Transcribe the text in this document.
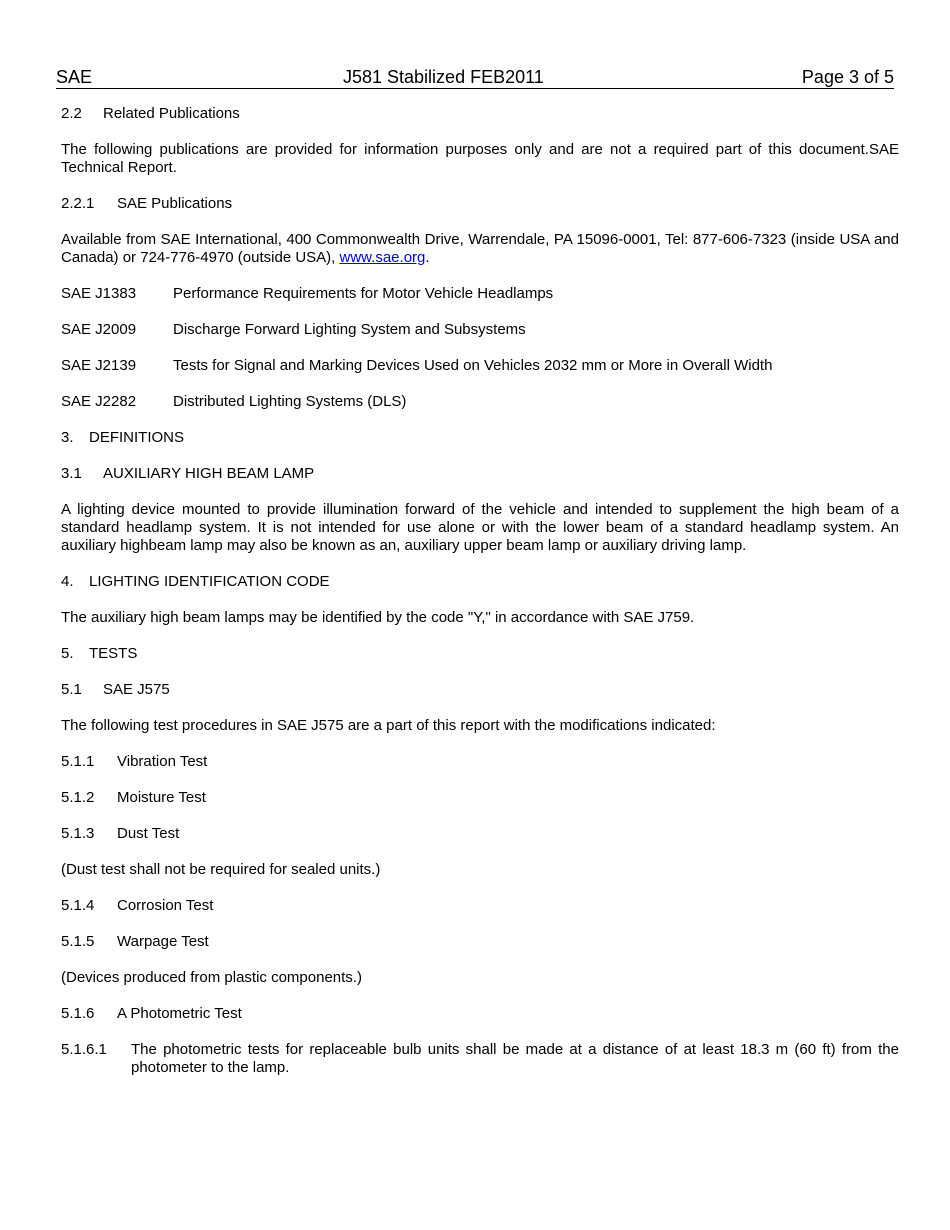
SAE	J581 Stabilized FEB2011	Page 3 of 5

2.2 Related Publications

The following publications are provided for information purposes only and are not a required part of this document.SAE Technical Report.

2.2.1 SAE Publications

Available from SAE International, 400 Commonwealth Drive, Warrendale, PA 15096-0001, Tel: 877-606-7323 (inside USA and Canada) or 724-776-4970 (outside USA), www.sae.org.

SAE J1383 Performance Requirements for Motor Vehicle Headlamps

SAE J2009 Discharge Forward Lighting System and Subsystems

SAE J2139 Tests for Signal and Marking Devices Used on Vehicles 2032 mm or More in Overall Width

SAE J2282 Distributed Lighting Systems (DLS)

3. DEFINITIONS

3.1 AUXILIARY HIGH BEAM LAMP

A lighting device mounted to provide illumination forward of the vehicle and intended to supplement the high beam of a standard headlamp system. It is not intended for use alone or with the lower beam of a standard headlamp system. An auxiliary highbeam lamp may also be known as an, auxiliary upper beam lamp or auxiliary driving lamp.

4. LIGHTING IDENTIFICATION CODE

The auxiliary high beam lamps may be identified by the code "Y," in accordance with SAE J759.

5. TESTS

5.1 SAE J575

The following test procedures in SAE J575 are a part of this report with the modifications indicated:

5.1.1 Vibration Test

5.1.2 Moisture Test

5.1.3 Dust Test

(Dust test shall not be required for sealed units.)

5.1.4 Corrosion Test

5.1.5 Warpage Test

(Devices produced from plastic components.)

5.1.6 A Photometric Test

5.1.6.1	The photometric tests for replaceable bulb units shall be made at a distance of at least 18.3 m (60 ft) from the photometer to the lamp.
